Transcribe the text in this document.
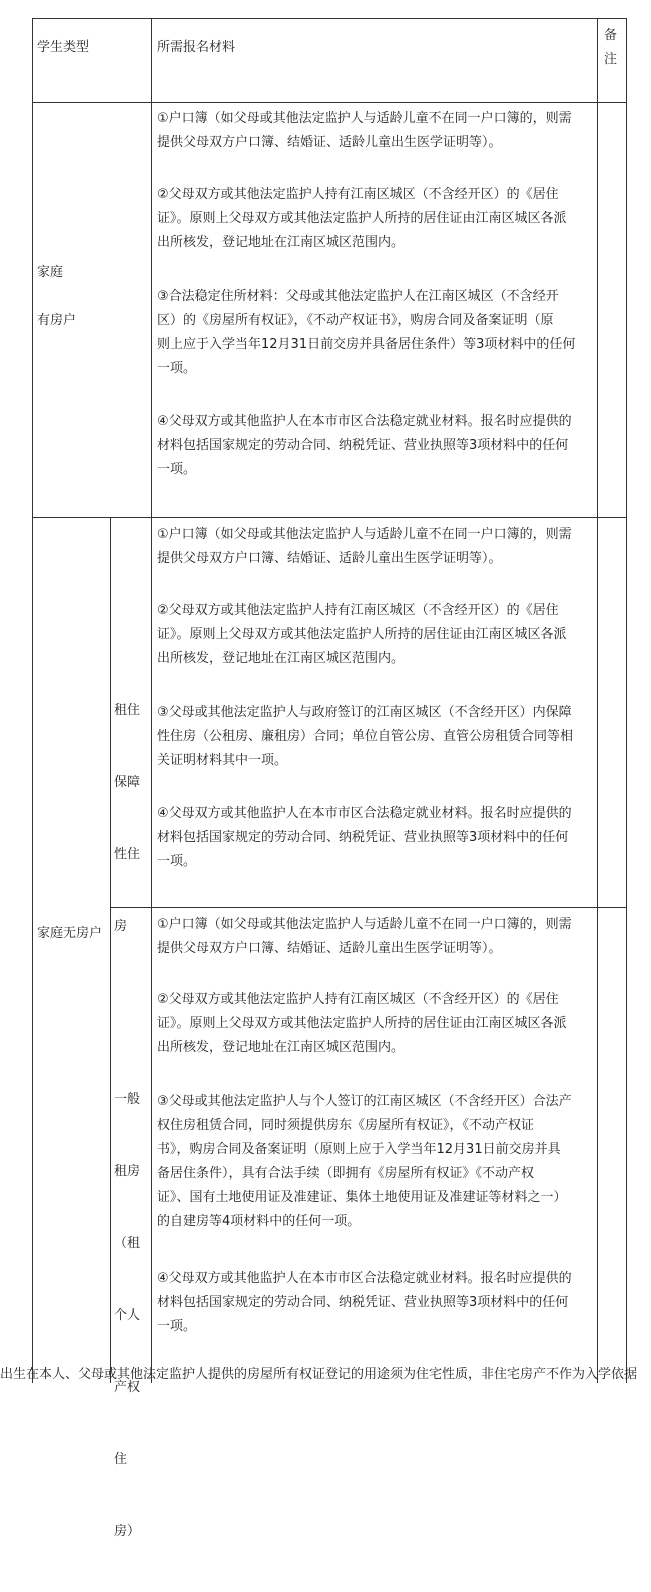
学生类型	所需报名材料
备
注
家庭
有房户

①户口簿（如父母或其他法定监护人与适龄儿童不在同一户口簿的，则需

提供父母双方户口簿、结婚证、适龄儿童出生医学证明等）。

②父母双方或其他法定监护人持有江南区城区（不含经开区）的《居住

证》。原则上父母双方或其他法定监护人所持的居住证由江南区城区各派

出所核发，登记地址在江南区城区范围内。

③合法稳定住所材料：父母或其他法定监护人在江南区城区（不含经开

区）的《房屋所有权证》，《不动产权证书》，购房合同及备案证明（原

则上应于入学当年12月31日前交房并具备居住条件）等3项材料中的任何

一项。

④父母双方或其他监护人在本市市区合法稳定就业材料。报名时应提供的

材料包括国家规定的劳动合同、纳税凭证、营业执照等3项材料中的任何

一项。

家庭无房户

租住

保障

性住

房

①户口簿（如父母或其他法定监护人与适龄儿童不在同一户口簿的，则需

提供父母双方户口簿、结婚证、适龄儿童出生医学证明等）。

②父母双方或其他法定监护人持有江南区城区（不含经开区）的《居住

证》。原则上父母双方或其他法定监护人所持的居住证由江南区城区各派

出所核发，登记地址在江南区城区范围内。

③父母或其他法定监护人与政府签订的江南区城区（不含经开区）内保障

性住房（公租房、廉租房）合同；单位自管公房、直管公房租赁合同等相

关证明材料其中一项。

④父母双方或其他监护人在本市市区合法稳定就业材料。报名时应提供的

材料包括国家规定的劳动合同、纳税凭证、营业执照等3项材料中的任何

一项。

一般

租房

（租

个人

产权

住

房）

①户口簿（如父母或其他法定监护人与适龄儿童不在同一户口簿的，则需

提供父母双方户口簿、结婚证、适龄儿童出生医学证明等）。

②父母双方或其他法定监护人持有江南区城区（不含经开区）的《居住

证》。原则上父母双方或其他法定监护人所持的居住证由江南区城区各派

出所核发，登记地址在江南区城区范围内。

③父母或其他法定监护人与个人签订的江南区城区（不含经开区）合法产

权住房租赁合同，同时须提供房东《房屋所有权证》，《不动产权证

书》，购房合同及备案证明（原则上应于入学当年12月31日前交房并具

备居住条件），具有合法手续（即拥有《房屋所有权证》《不动产权

证》、国有土地使用证及准建证、集体土地使用证及准建证等材料之一）

的自建房等4项材料中的任何一项。

④父母双方或其他监护人在本市市区合法稳定就业材料。报名时应提供的

材料包括国家规定的劳动合同、纳税凭证、营业执照等3项材料中的任何

一项。

出生在本人、父母或其他法定监护人提供的房屋所有权证登记的用途须为住宅性质，非住宅房产不作为入学依据
